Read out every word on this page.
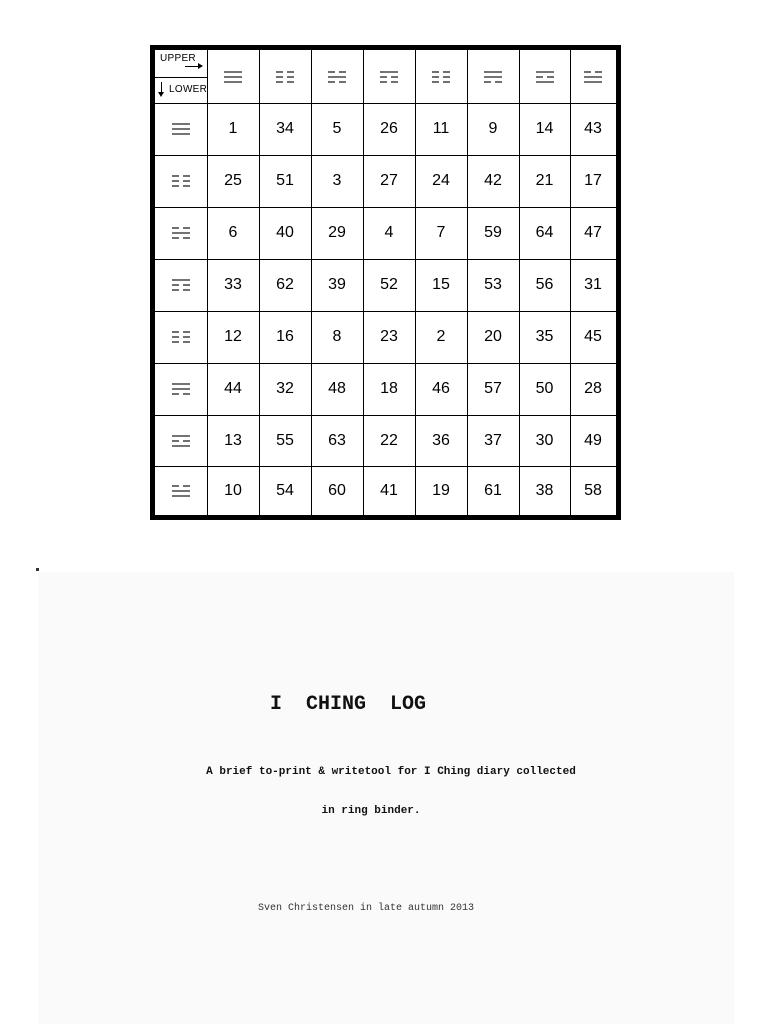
UPPER
LOWER
1	34	5	26	11	9	14	43
25	51	3	27	24	42	21	17
6	40	29	4	7	59	64	47
33	62	39	52	15	53	56	31
12	16	8	23	2	20	35	45
44	32	48	18	46	57	50	28
13	55	63	22	36	37	30	49
10	54	60	41	19	61	38	58
I  CHING  LOG
A brief to-print & writetool for I Ching diary collected
in ring binder.
Sven Christensen in late autumn 2013
